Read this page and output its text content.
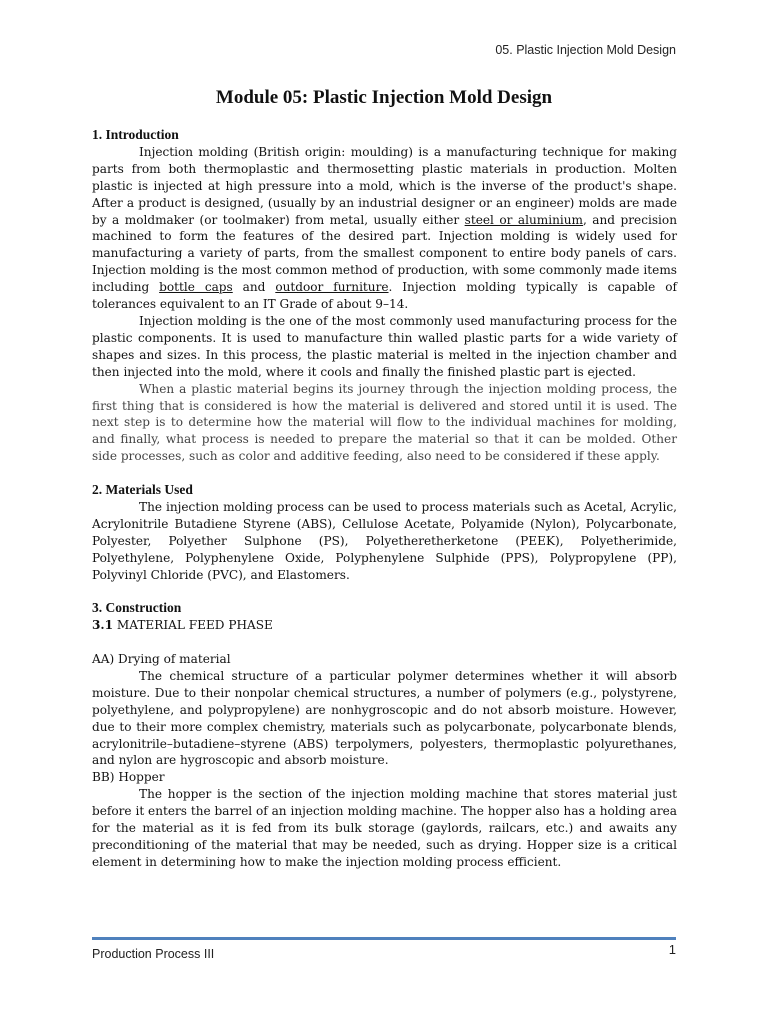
05. Plastic Injection Mold Design
Module 05: Plastic Injection Mold Design
1. Introduction

Injection molding (British origin: moulding) is a manufacturing technique for making parts from both thermoplastic and thermosetting plastic materials in production. Molten plastic is injected at high pressure into a mold, which is the inverse of the product's shape. After a product is designed, (usually by an industrial designer or an engineer) molds are made by a moldmaker (or toolmaker) from metal, usually either steel or aluminium, and precision machined to form the features of the desired part. Injection molding is widely used for manufacturing a variety of parts, from the smallest component to entire body panels of cars. Injection molding is the most common method of production, with some commonly made items including bottle caps and outdoor furniture. Injection molding typically is capable of tolerances equivalent to an IT Grade of about 9–14.

Injection molding is the one of the most commonly used manufacturing process for the plastic components. It is used to manufacture thin walled plastic parts for a wide variety of shapes and sizes. In this process, the plastic material is melted in the injection chamber and then injected into the mold, where it cools and finally the finished plastic part is ejected.

When a plastic material begins its journey through the injection molding process, the first thing that is considered is how the material is delivered and stored until it is used. The next step is to determine how the material will flow to the individual machines for molding, and finally, what process is needed to prepare the material so that it can be molded. Other side processes, such as color and additive feeding, also need to be considered if these apply.

2. Materials Used

The injection molding process can be used to process materials such as Acetal, Acrylic, Acrylonitrile Butadiene Styrene (ABS), Cellulose Acetate, Polyamide (Nylon), Polycarbonate, Polyester, Polyether Sulphone (PS), Polyetheretherketone (PEEK), Polyetherimide, Polyethylene, Polyphenylene Oxide, Polyphenylene Sulphide (PPS), Polypropylene (PP), Polyvinyl Chloride (PVC), and Elastomers.

3. Construction

3.1 MATERIAL FEED PHASE

AA) Drying of material

The chemical structure of a particular polymer determines whether it will absorb moisture. Due to their nonpolar chemical structures, a number of polymers (e.g., polystyrene, polyethylene, and polypropylene) are nonhygroscopic and do not absorb moisture. However, due to their more complex chemistry, materials such as polycarbonate, polycarbonate blends, acrylonitrile–butadiene–styrene (ABS) terpolymers, polyesters, thermoplastic polyurethanes, and nylon are hygroscopic and absorb moisture.

BB) Hopper

The hopper is the section of the injection molding machine that stores material just before it enters the barrel of an injection molding machine. The hopper also has a holding area for the material as it is fed from its bulk storage (gaylords, railcars, etc.) and awaits any preconditioning of the material that may be needed, such as drying. Hopper size is a critical element in determining how to make the injection molding process efficient.

Production Process III	1
